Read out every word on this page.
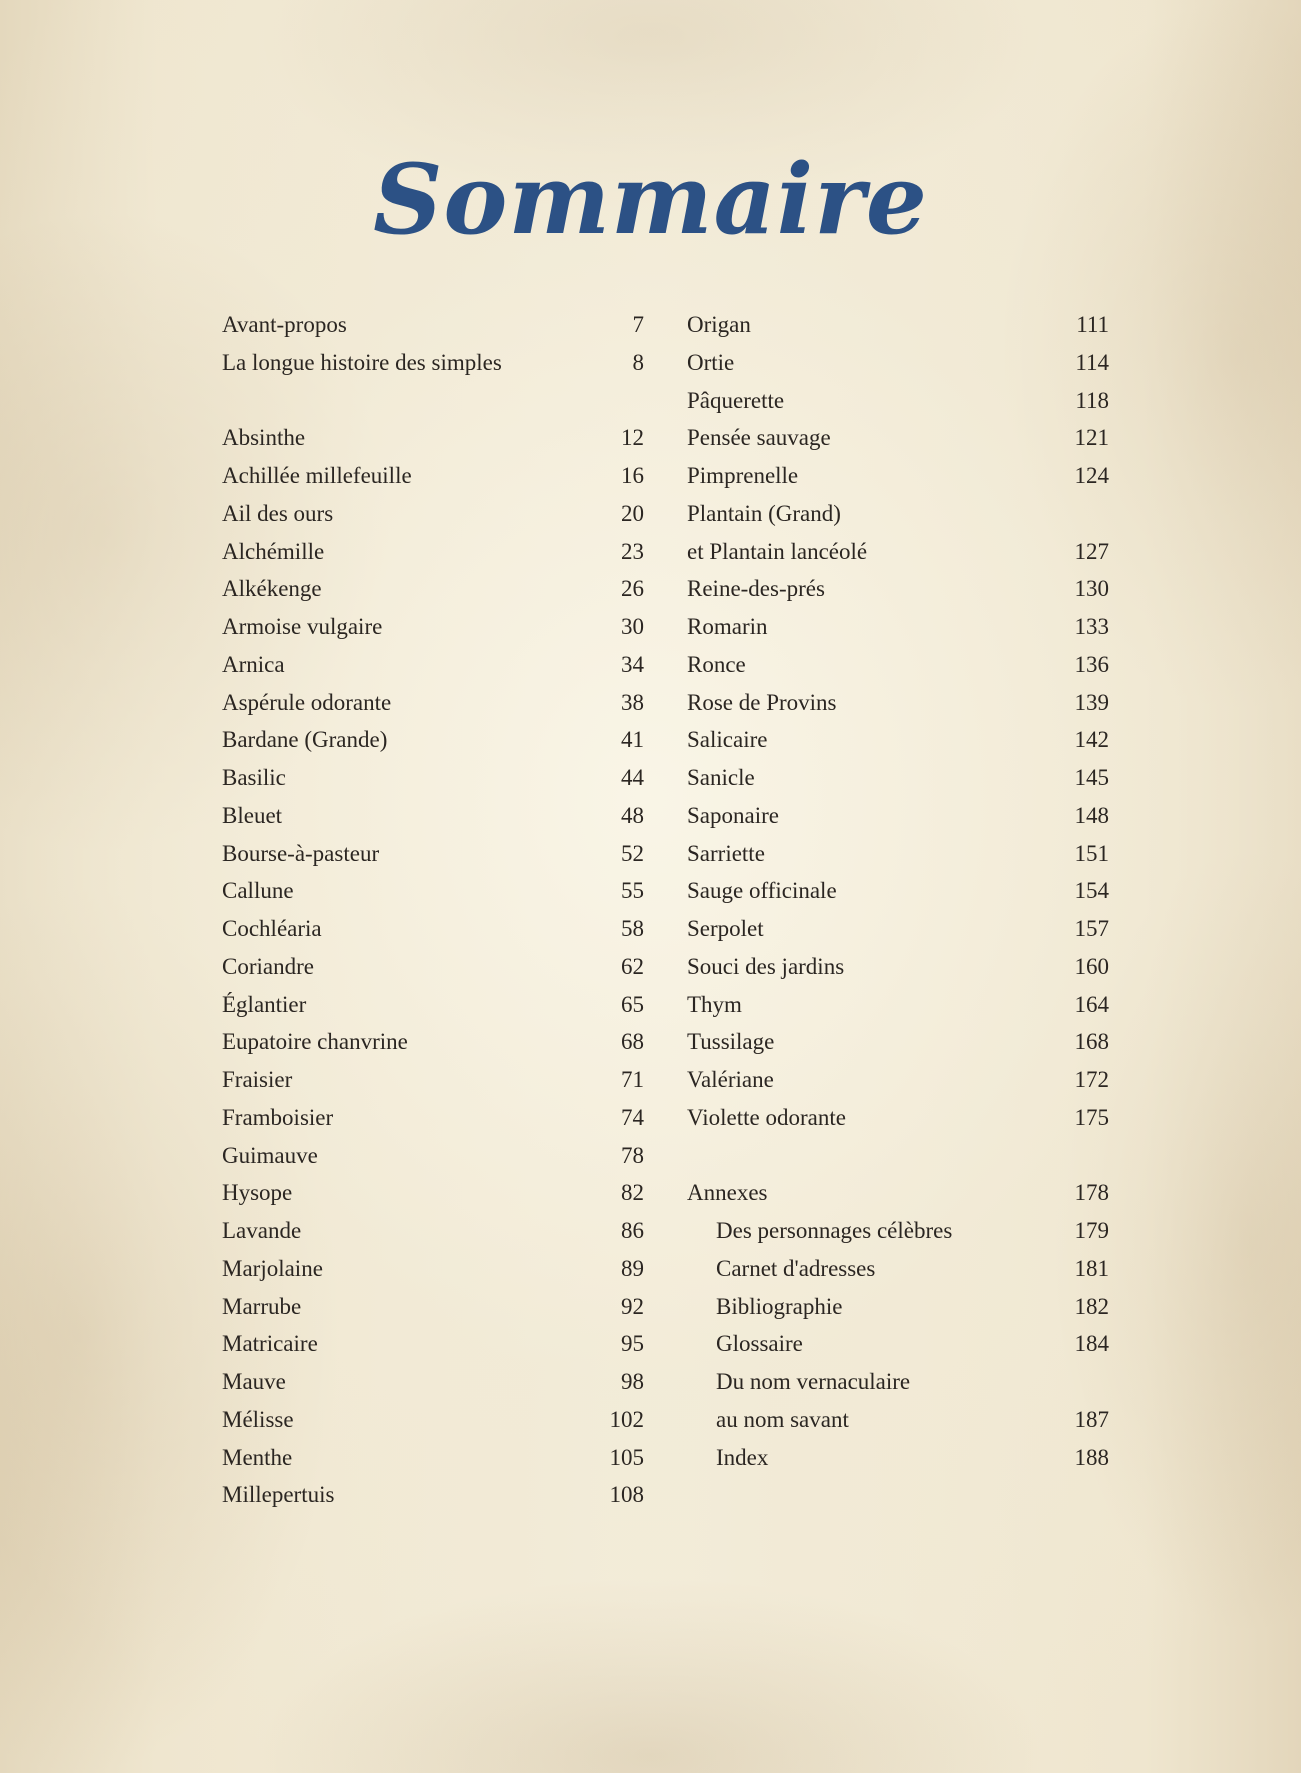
Sommaire
Avant-propos	7
La longue histoire des simples	8
Absinthe	12
Achillée millefeuille	16
Ail des ours	20
Alchémille	23
Alkékenge	26
Armoise vulgaire	30
Arnica	34
Aspérule odorante	38
Bardane (Grande)	41
Basilic	44
Bleuet	48
Bourse-à-pasteur	52
Callune	55
Cochléaria	58
Coriandre	62
Églantier	65
Eupatoire chanvrine	68
Fraisier	71
Framboisier	74
Guimauve	78
Hysope	82
Lavande	86
Marjolaine	89
Marrube	92
Matricaire	95
Mauve	98
Mélisse	102
Menthe	105
Millepertuis	108
Origan	111
Ortie	114
Pâquerette	118
Pensée sauvage	121
Pimprenelle	124
Plantain (Grand)
et Plantain lancéolé	127
Reine-des-prés	130
Romarin	133
Ronce	136
Rose de Provins	139
Salicaire	142
Sanicle	145
Saponaire	148
Sarriette	151
Sauge officinale	154
Serpolet	157
Souci des jardins	160
Thym	164
Tussilage	168
Valériane	172
Violette odorante	175
Annexes	178
Des personnages célèbres	179
Carnet d'adresses	181
Bibliographie	182
Glossaire	184
Du nom vernaculaire
au nom savant	187
Index	188
